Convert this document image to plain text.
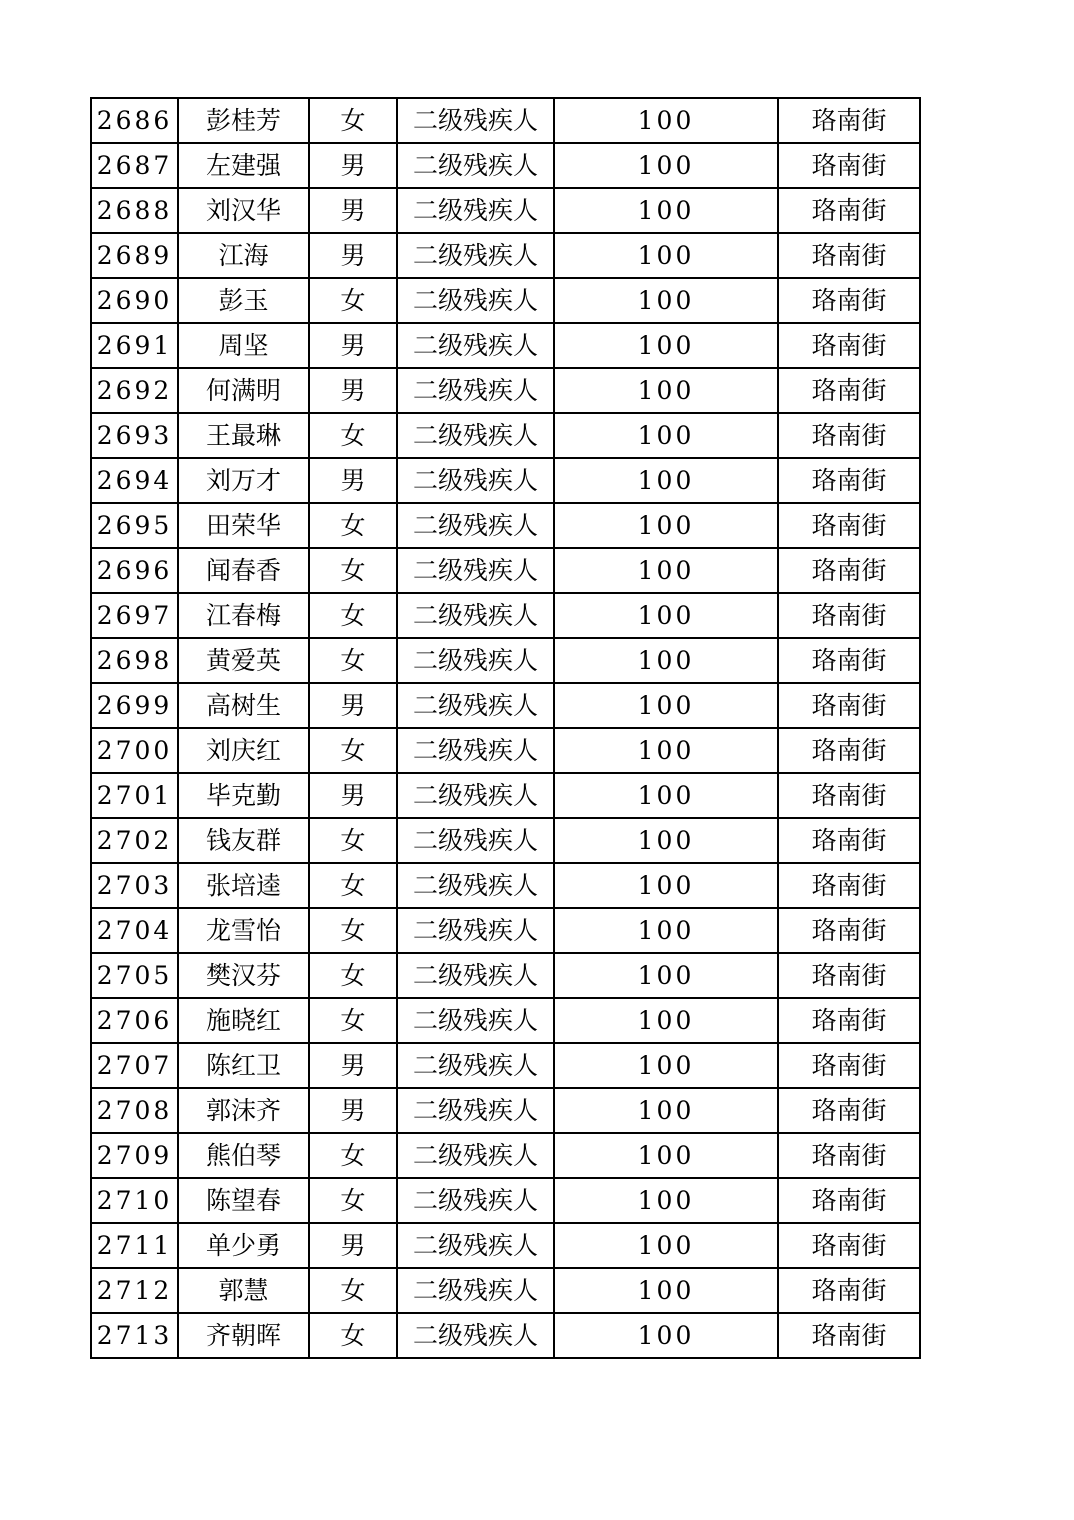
2686	彭桂芳	女	二级残疾人	100	珞南街
2687	左建强	男	二级残疾人	100	珞南街
2688	刘汉华	男	二级残疾人	100	珞南街
2689	江海	男	二级残疾人	100	珞南街
2690	彭玉	女	二级残疾人	100	珞南街
2691	周坚	男	二级残疾人	100	珞南街
2692	何满明	男	二级残疾人	100	珞南街
2693	王最琳	女	二级残疾人	100	珞南街
2694	刘万才	男	二级残疾人	100	珞南街
2695	田荣华	女	二级残疾人	100	珞南街
2696	闻春香	女	二级残疾人	100	珞南街
2697	江春梅	女	二级残疾人	100	珞南街
2698	黄爱英	女	二级残疾人	100	珞南街
2699	高树生	男	二级残疾人	100	珞南街
2700	刘庆红	女	二级残疾人	100	珞南街
2701	毕克勤	男	二级残疾人	100	珞南街
2702	钱友群	女	二级残疾人	100	珞南街
2703	张培逵	女	二级残疾人	100	珞南街
2704	龙雪怡	女	二级残疾人	100	珞南街
2705	樊汉芬	女	二级残疾人	100	珞南街
2706	施晓红	女	二级残疾人	100	珞南街
2707	陈红卫	男	二级残疾人	100	珞南街
2708	郭沫齐	男	二级残疾人	100	珞南街
2709	熊伯琴	女	二级残疾人	100	珞南街
2710	陈望春	女	二级残疾人	100	珞南街
2711	单少勇	男	二级残疾人	100	珞南街
2712	郭慧	女	二级残疾人	100	珞南街
2713	齐朝晖	女	二级残疾人	100	珞南街
